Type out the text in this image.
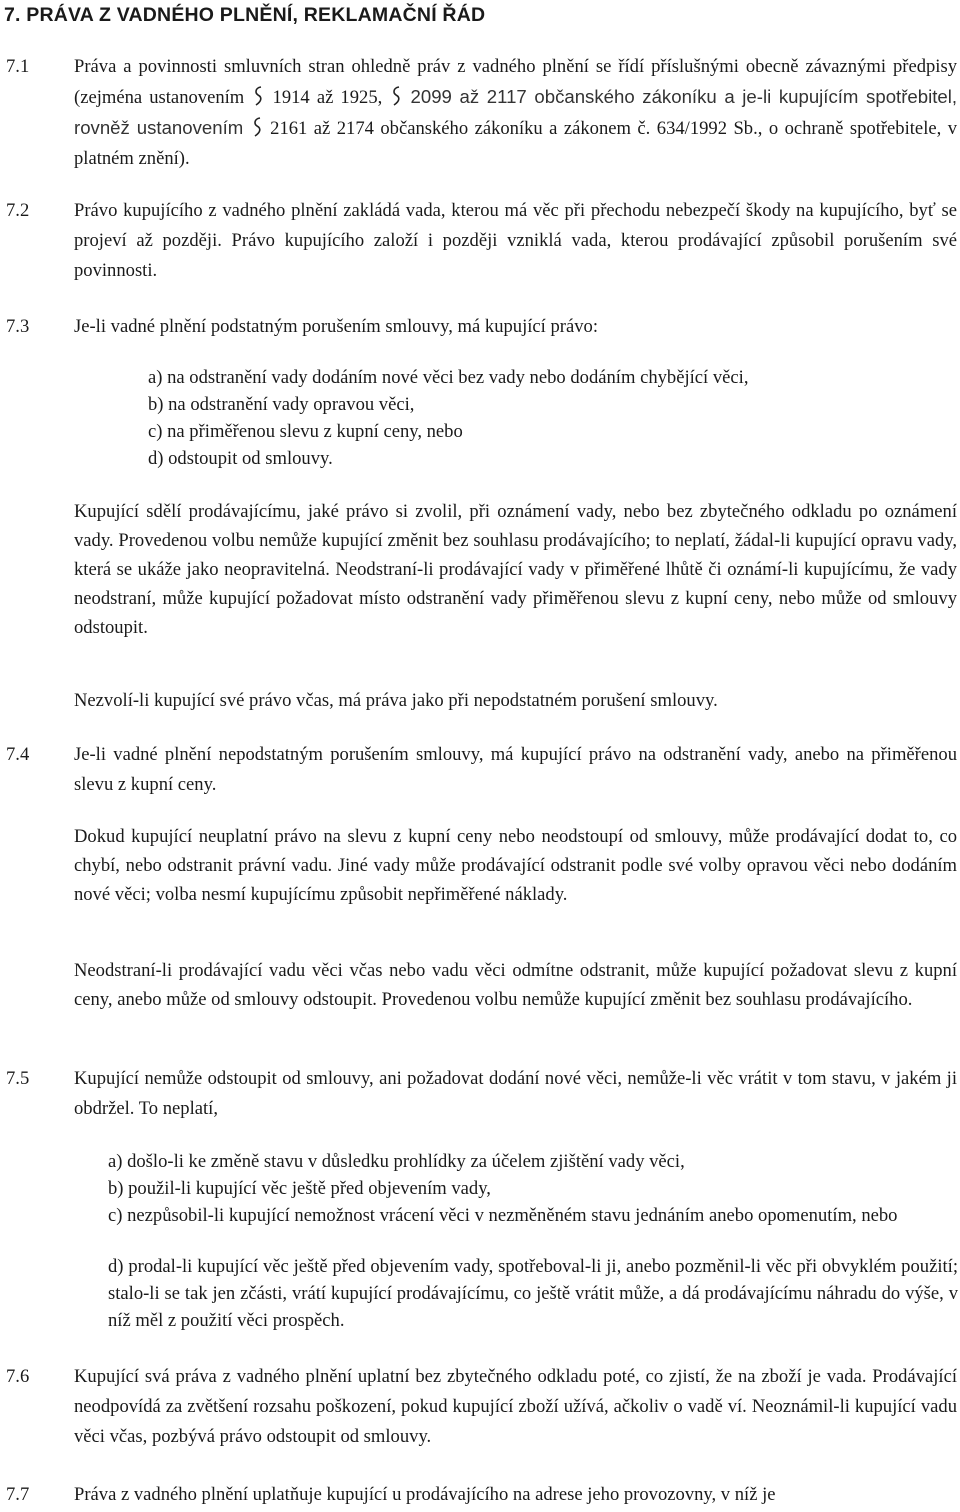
7. PRÁVA Z VADNÉHO PLNĚNÍ, REKLAMAČNÍ ŘÁD
7.1 Práva a povinnosti smluvních stran ohledně práv z vadného plnění se řídí příslušnými obecně závaznými předpisy (zejména ustanovením 1914 až 1925, 2099 až 2117 občanského zákoníku a je-li kupujícím spotřebitel, rovněž ustanovením 2161 až 2174 občanského zákoníku a zákonem č. 634/1992 Sb., o ochraně spotřebitele, v platném znění).

7.2 Právo kupujícího z vadného plnění zakládá vada, kterou má věc při přechodu nebezpečí škody na kupujícího, byť se projeví až později. Právo kupujícího založí i později vzniklá vada, kterou prodávající způsobil porušením své povinnosti.

7.3 Je-li vadné plnění podstatným porušením smlouvy, má kupující právo:

a) na odstranění vady dodáním nové věci bez vady nebo dodáním chybějící věci,

b) na odstranění vady opravou věci,

c) na přiměřenou slevu z kupní ceny, nebo

d) odstoupit od smlouvy.

Kupující sdělí prodávajícímu, jaké právo si zvolil, při oznámení vady, nebo bez zbytečného odkladu po oznámení vady. Provedenou volbu nemůže kupující změnit bez souhlasu prodávajícího; to neplatí, žádal-li kupující opravu vady, která se ukáže jako neopravitelná. Neodstraní-li prodávající vady v přiměřené lhůtě či oznámí-li kupujícímu, že vady neodstraní, může kupující požadovat místo odstranění vady přiměřenou slevu z kupní ceny, nebo může od smlouvy odstoupit.

Nezvolí-li kupující své právo včas, má práva jako při nepodstatném porušení smlouvy.

7.4 Je-li vadné plnění nepodstatným porušením smlouvy, má kupující právo na odstranění vady, anebo na přiměřenou slevu z kupní ceny.

Dokud kupující neuplatní právo na slevu z kupní ceny nebo neodstoupí od smlouvy, může prodávající dodat to, co chybí, nebo odstranit právní vadu. Jiné vady může prodávající odstranit podle své volby opravou věci nebo dodáním nové věci; volba nesmí kupujícímu způsobit nepřiměřené náklady.

Neodstraní-li prodávající vadu věci včas nebo vadu věci odmítne odstranit, může kupující požadovat slevu z kupní ceny, anebo může od smlouvy odstoupit. Provedenou volbu nemůže kupující změnit bez souhlasu prodávajícího.

7.5 Kupující nemůže odstoupit od smlouvy, ani požadovat dodání nové věci, nemůže-li věc vrátit v tom stavu, v jakém ji obdržel. To neplatí,

a) došlo-li ke změně stavu v důsledku prohlídky za účelem zjištění vady věci,

b) použil-li kupující věc ještě před objevením vady,

c) nezpůsobil-li kupující nemožnost vrácení věci v nezměněném stavu jednáním anebo opomenutím, nebo

d) prodal-li kupující věc ještě před objevením vady, spotřeboval-li ji, anebo pozměnil-li věc při obvyklém použití; stalo-li se tak jen zčásti, vrátí kupující prodávajícímu, co ještě vrátit může, a dá prodávajícímu náhradu do výše, v níž měl z použití věci prospěch.

7.6 Kupující svá práva z vadného plnění uplatní bez zbytečného odkladu poté, co zjistí, že na zboží je vada. Prodávající neodpovídá za zvětšení rozsahu poškození, pokud kupující zboží užívá, ačkoliv o vadě ví. Neoznámil-li kupující vadu věci včas, pozbývá právo odstoupit od smlouvy.

7.7 Práva z vadného plnění uplatňuje kupující u prodávajícího na adrese jeho provozovny, v níž je
